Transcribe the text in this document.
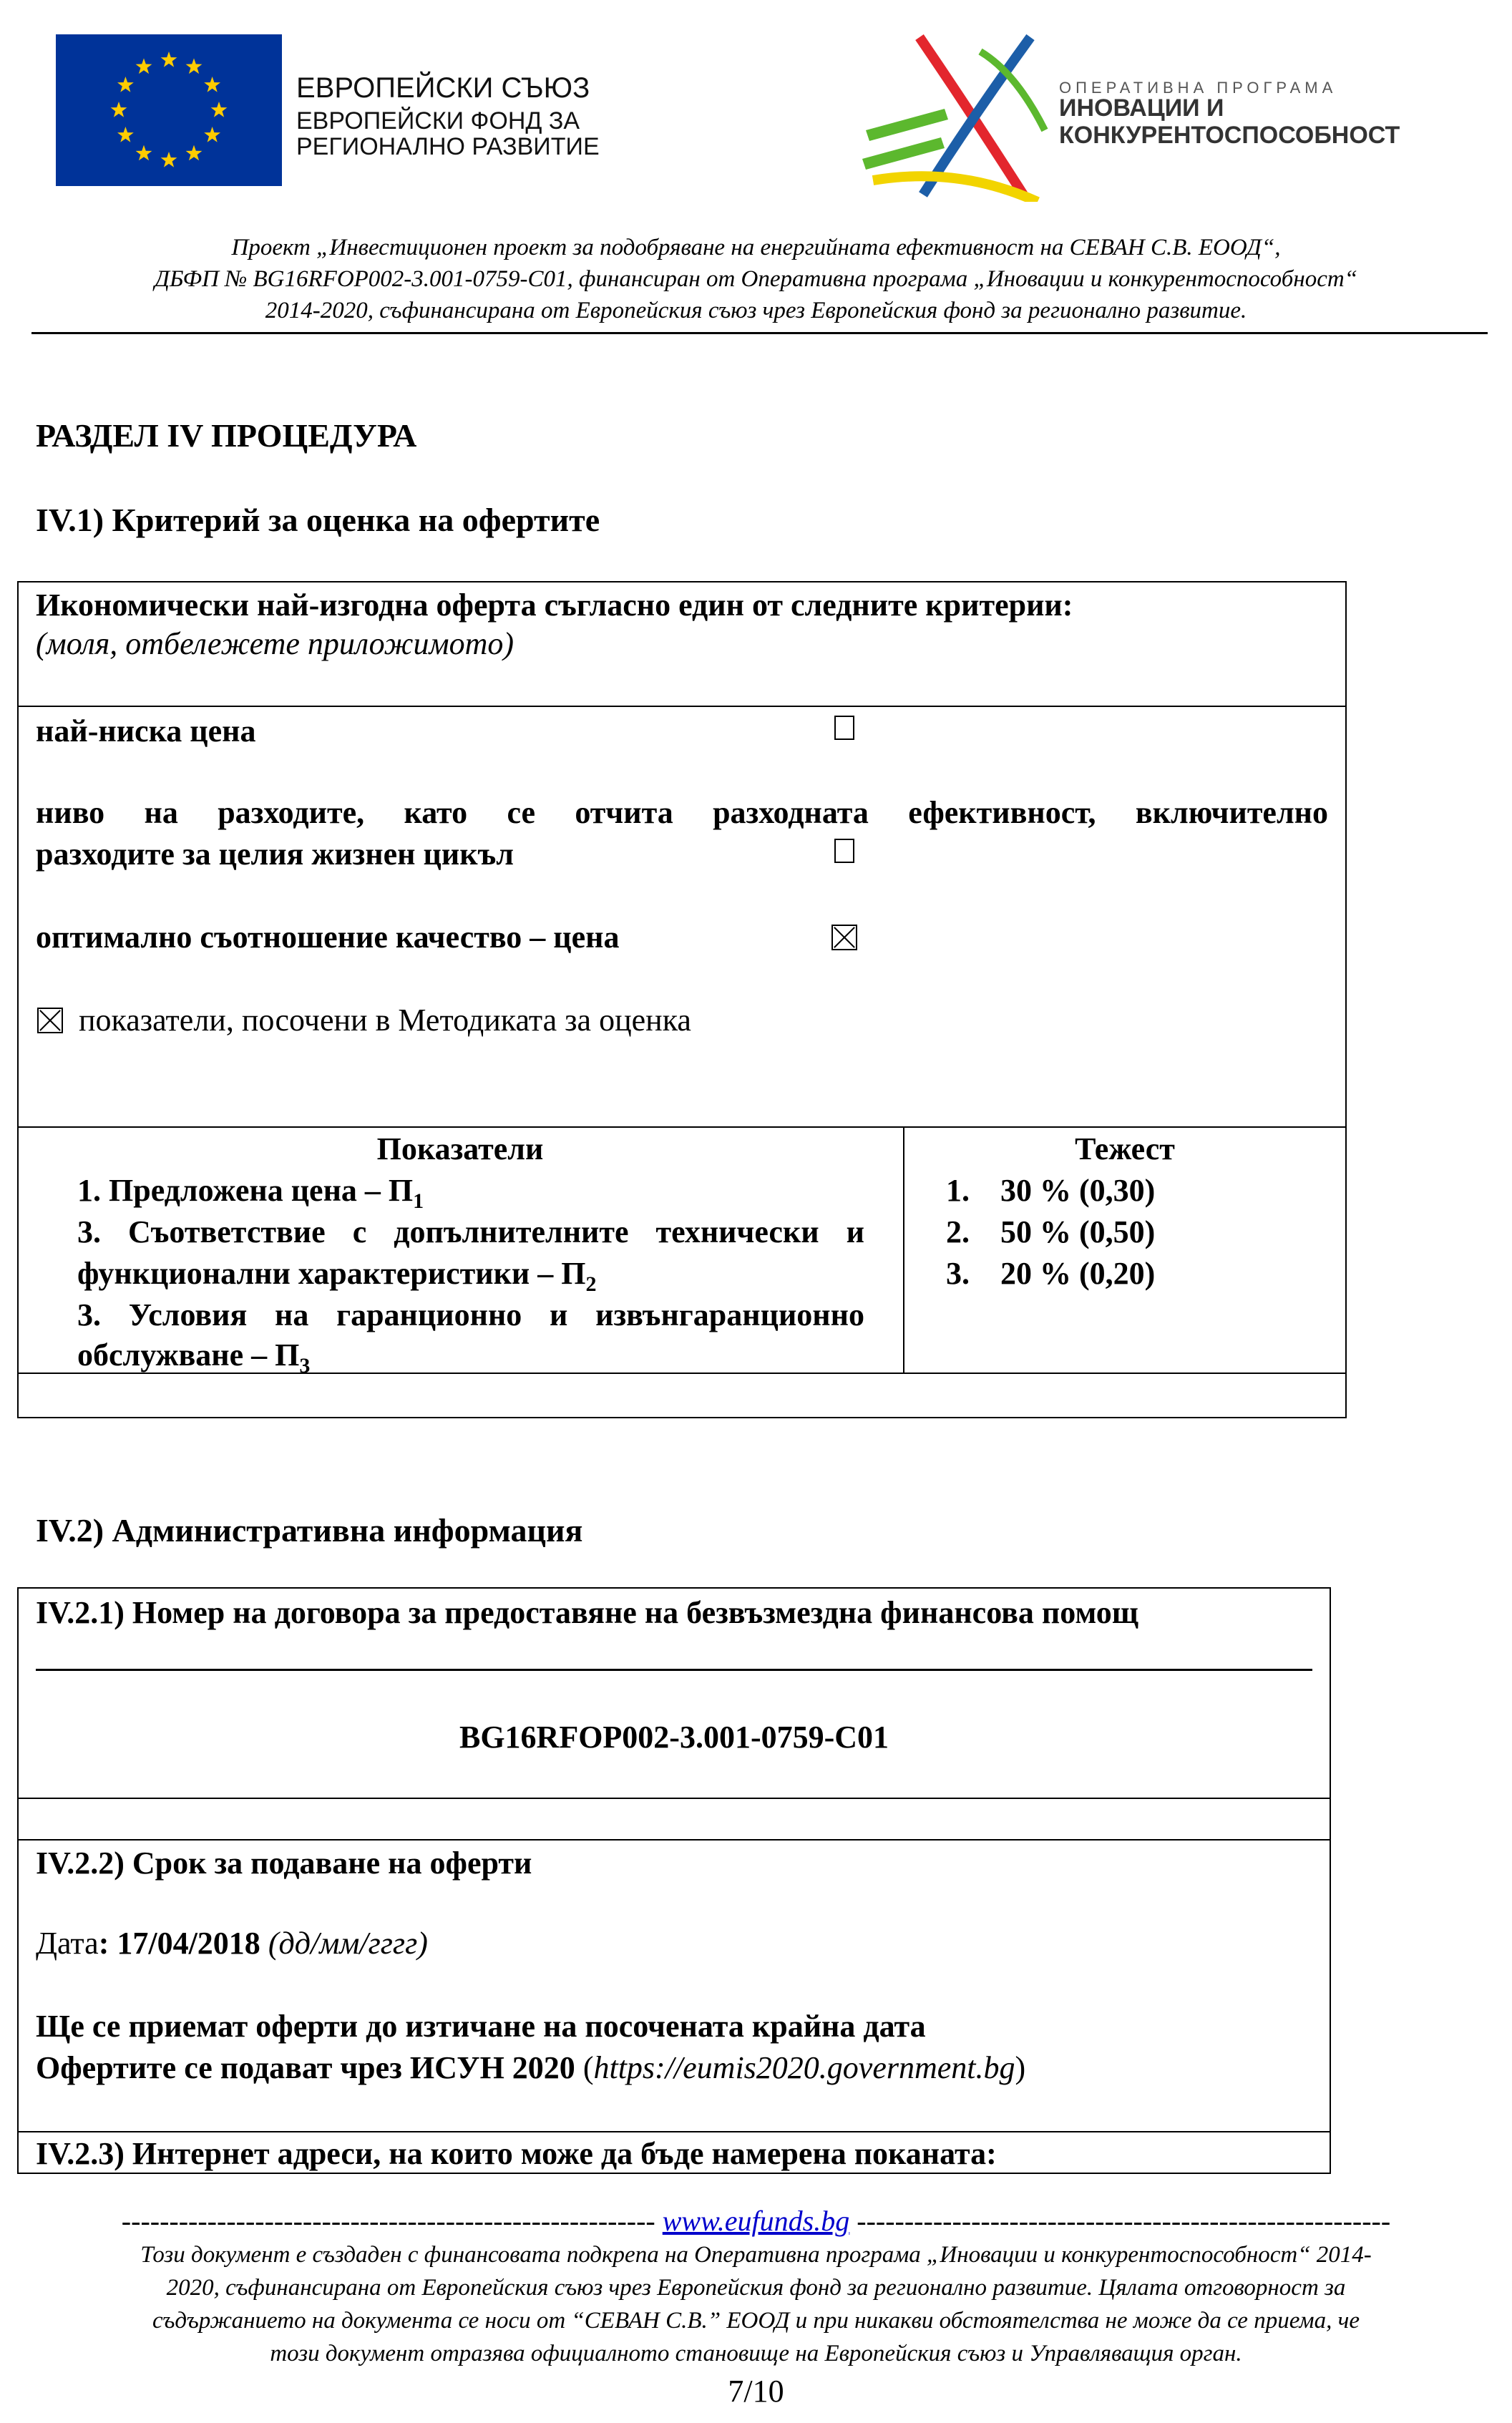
ЕВРОПЕЙСКИ СЪЮЗ
ЕВРОПЕЙСКИ ФОНД ЗА
РЕГИОНАЛНО РАЗВИТИЕ
ОПЕРАТИВНА ПРОГРАМА
ИНОВАЦИИ И
КОНКУРЕНТОСПОСОБНОСТ
Проект „Инвестиционен проект за подобряване на енергийната ефективност на СЕВАН С.В. ЕООД“,
ДБФП № BG16RFOP002-3.001-0759-C01, финансиран от Оперативна програма „Иновации и конкурентоспособност“
2014-2020, съфинансирана от Европейския съюз чрез Европейския фонд за регионално развитие.
РАЗДЕЛ IV ПРОЦЕДУРА
IV.1) Критерий за оценка на офертите
Икономически най-изгодна оферта съгласно един от следните критерии:
(моля, отбележете приложимото)
най-ниска цена
ниво на разходите, като се отчита разходната ефективност, включително
разходите за целия жизнен цикъл
оптимално съотношение качество – цена
показатели, посочени в Методиката за оценка
Показатели
1. Предложена цена – $П_1$
3. Съответствие с допълнителните технически и
функционални характеристики – $П_2$
3. Условия на гаранционно и извънгаранционно
обслужване – $П_3$
Тежест
1. 30 % (0,30)
2. 50 % (0,50)
3. 20 % (0,20)
IV.2) Административна информация
IV.2.1) Номер на договора за предоставяне на безвъзмездна финансова помощ
BG16RFOP002-3.001-0759-C01
IV.2.2) Срок за подаване на оферти
Дата: 17/04/2018 (дд/мм/гггг)
Ще се приемат оферти до изтичане на посочената крайна дата
Офертите се подават чрез ИСУН 2020 (https://eumis2020.government.bg)
IV.2.3) Интернет адреси, на които може да бъде намерена поканата:
-------------------------------------------------------- www.eufunds.bg --------------------------------------------------------
Този документ е създаден с финансовата подкрепа на Оперативна програма „Иновации и конкурентоспособност“ 2014-
2020, съфинансирана от Европейския съюз чрез Европейския фонд за регионално развитие. Цялата отговорност за
съдържанието на документа се носи от “СЕВАН С.В.” ЕООД и при никакви обстоятелства не може да се приема, че
този документ отразява официалното становище на Европейския съюз и Управляващия орган.
7/10
